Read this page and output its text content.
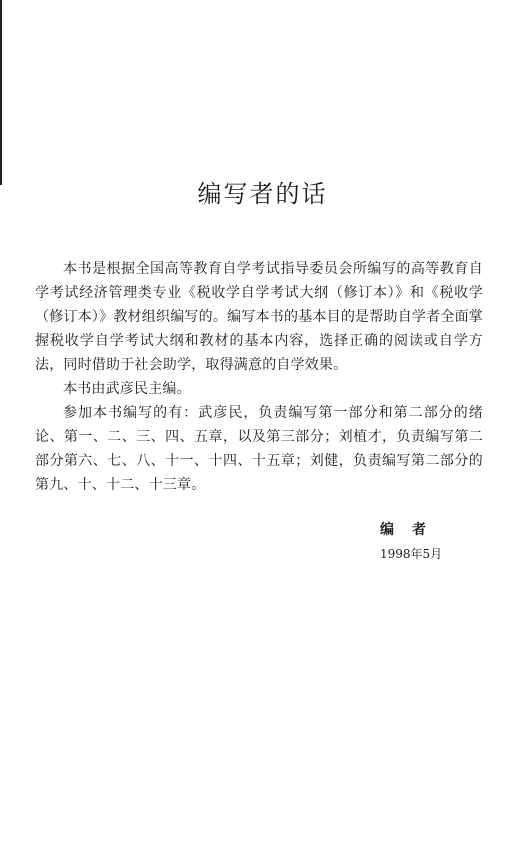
编写者的话

本书是根据全国高等教育自学考试指导委员会所编写的高等教育自学考试经济管理类专业《税收学自学考试大纲（修订本）》和《税收学（修订本）》教材组织编写的。编写本书的基本目的是帮助自学者全面掌握税收学自学考试大纲和教材的基本内容，选择正确的阅读或自学方法，同时借助于社会助学，取得满意的自学效果。

本书由武彦民主编。

参加本书编写的有：武彦民，负责编写第一部分和第二部分的绪论、第一、二、三、四、五章，以及第三部分；刘植才，负责编写第二部分第六、七、八、十一、十四、十五章；刘健，负责编写第二部分的第九、十、十二、十三章。

编者
1998年5月
